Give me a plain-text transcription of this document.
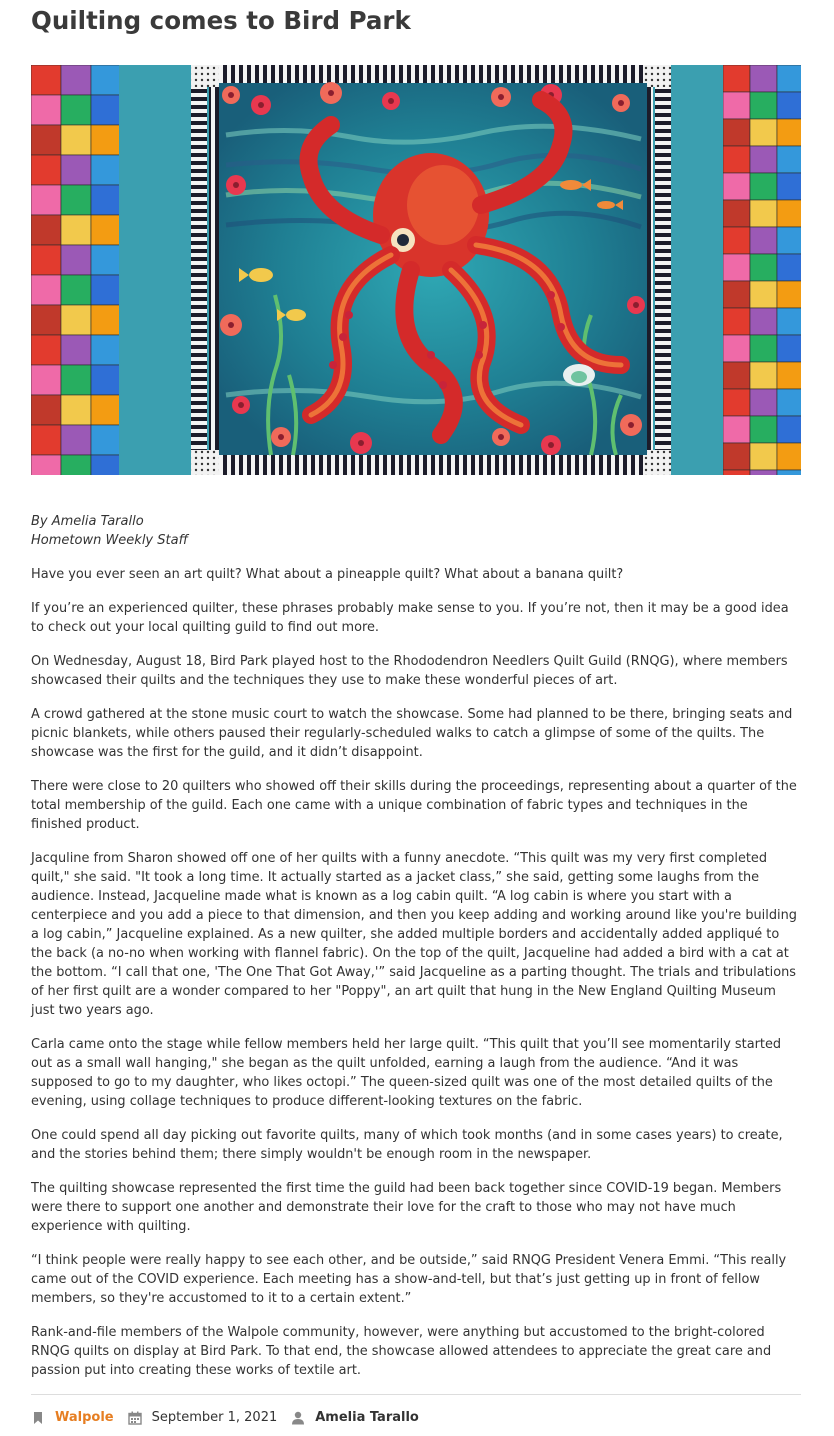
Quilting comes to Bird Park
By Amelia Tarallo
Hometown Weekly Staff

Have you ever seen an art quilt? What about a pineapple quilt? What about a banana quilt?

If you’re an experienced quilter, these phrases probably make sense to you. If you’re not, then it may be a good idea to check out your local quilting guild to find out more.

On Wednesday, August 18, Bird Park played host to the Rhododendron Needlers Quilt Guild (RNQG), where members showcased their quilts and the techniques they use to make these wonderful pieces of art.

A crowd gathered at the stone music court to watch the showcase. Some had planned to be there, bringing seats and picnic blankets, while others paused their regularly-scheduled walks to catch a glimpse of some of the quilts. The showcase was the first for the guild, and it didn’t disappoint.

There were close to 20 quilters who showed off their skills during the proceedings, representing about a quarter of the total membership of the guild. Each one came with a unique combination of fabric types and techniques in the finished product.

Jacquline from Sharon showed off one of her quilts with a funny anecdote. “This quilt was my very first completed quilt," she said. "It took a long time. It actually started as a jacket class,” she said, getting some laughs from the audience. Instead, Jacqueline made what is known as a log cabin quilt. “A log cabin is where you start with a centerpiece and you add a piece to that dimension, and then you keep adding and working around like you're building a log cabin,” Jacqueline explained. As a new quilter, she added multiple borders and accidentally added appliqué to the back (a no-no when working with flannel fabric). On the top of the quilt, Jacqueline had added a bird with a cat at the bottom. “I call that one, 'The One That Got Away,'” said Jacqueline as a parting thought. The trials and tribulations of her first quilt are a wonder compared to her "Poppy", an art quilt that hung in the New England Quilting Museum just two years ago.

Carla came onto the stage while fellow members held her large quilt. “This quilt that you’ll see momentarily started out as a small wall hanging," she began as the quilt unfolded, earning a laugh from the audience. “And it was supposed to go to my daughter, who likes octopi.” The queen-sized quilt was one of the most detailed quilts of the evening, using collage techniques to produce different-looking textures on the fabric.

One could spend all day picking out favorite quilts, many of which took months (and in some cases years) to create, and the stories behind them; there simply wouldn't be enough room in the newspaper.

The quilting showcase represented the first time the guild had been back together since COVID-19 began. Members were there to support one another and demonstrate their love for the craft to those who may not have much experience with quilting.

“I think people were really happy to see each other, and be outside,” said RNQG President Venera Emmi. “This really came out of the COVID experience. Each meeting has a show-and-tell, but that’s just getting up in front of fellow members, so they're accustomed to it to a certain extent.”

Rank-and-file members of the Walpole community, however, were anything but accustomed to the bright-colored RNQG quilts on display at Bird Park. To that end, the showcase allowed attendees to appreciate the great care and passion put into creating these works of textile art.

Walpole	September 1, 2021	Amelia Tarallo
